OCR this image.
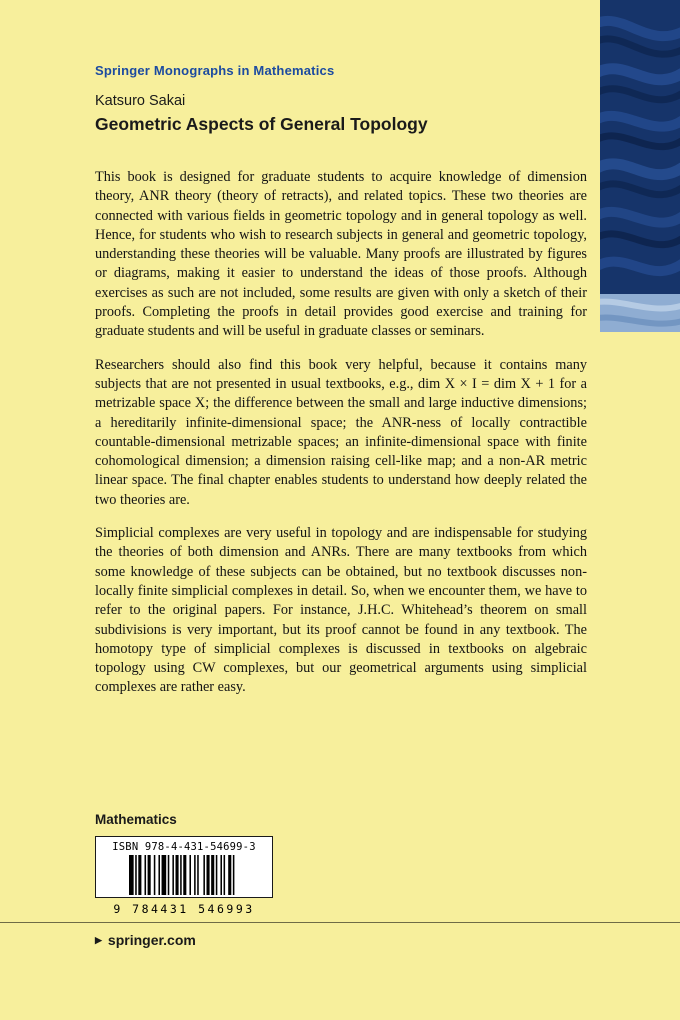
Springer Monographs in Mathematics
Katsuro Sakai
Geometric Aspects of General Topology

This book is designed for graduate students to acquire knowledge of dimension theory, ANR theory (theory of retracts), and related topics. These two theories are connected with various fields in geometric topology and in general topology as well. Hence, for students who wish to research subjects in general and geometric topology, understanding these theories will be valuable. Many proofs are illustrated by figures or diagrams, making it easier to understand the ideas of those proofs. Although exercises as such are not included, some results are given with only a sketch of their proofs. Completing the proofs in detail provides good exercise and training for graduate students and will be useful in graduate classes or seminars.

Researchers should also find this book very helpful, because it contains many subjects that are not presented in usual textbooks, e.g., dim X × I = dim X + 1 for a metrizable space X; the difference between the small and large inductive dimensions; a hereditarily infinite-dimensional space; the ANR-ness of locally contractible countable-dimensional metrizable spaces; an infinite-dimensional space with finite cohomological dimension; a dimension raising cell-like map; and a non-AR metric linear space. The final chapter enables students to understand how deeply related the two theories are.

Simplicial complexes are very useful in topology and are indispensable for studying the theories of both dimension and ANRs. There are many textbooks from which some knowledge of these subjects can be obtained, but no textbook discusses non-locally finite simplicial complexes in detail. So, when we encounter them, we have to refer to the original papers. For instance, J.H.C. Whitehead’s theorem on small subdivisions is very important, but its proof cannot be found in any textbook. The homotopy type of simplicial complexes is discussed in textbooks on algebraic topology using CW complexes, but our geometrical arguments using simplicial complexes are rather easy.

Mathematics
ISBN 978-4-431-54699-3
9 784431 546993
▶ springer.com
